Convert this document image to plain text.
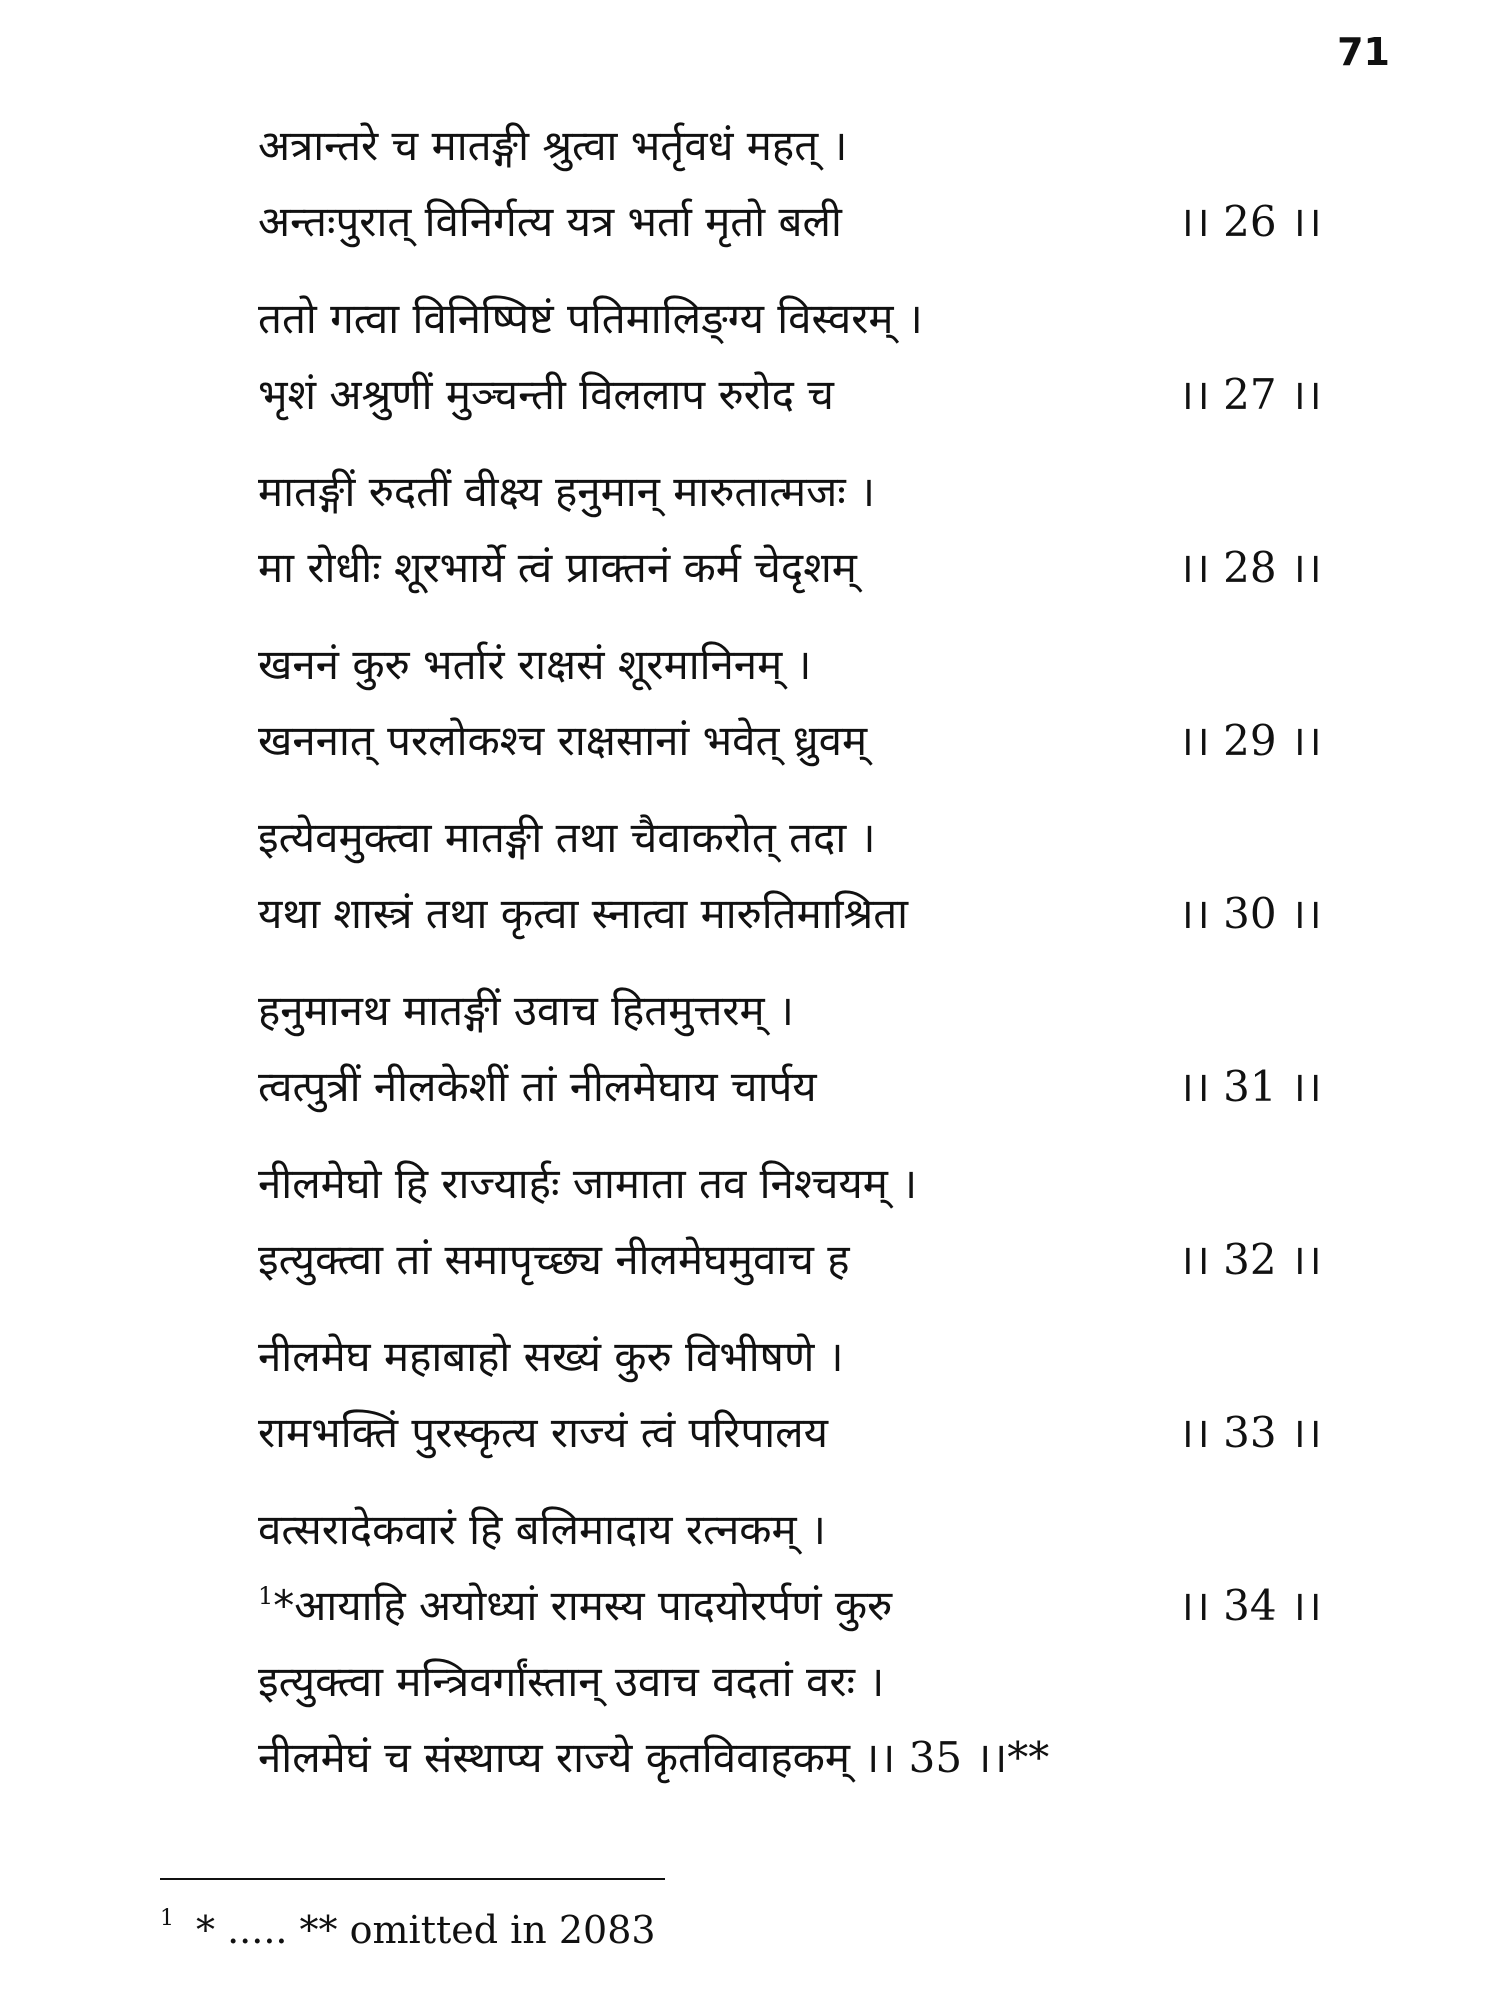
71
अत्रान्तरे च मातङ्गी श्रुत्वा भर्तृवधं महत् ।
अन्तःपुरात् विनिर्गत्य यत्र भर्ता मृतो बली	।। 26 ।।
ततो गत्वा विनिष्पिष्टं पतिमालिङ्ग्य विस्वरम् ।
भृशं अश्रुणीं मुञ्चन्ती विललाप रुरोद च	।। 27 ।।
मातङ्गीं रुदतीं वीक्ष्य हनुमान् मारुतात्मजः ।
मा रोधीः शूरभार्ये त्वं प्राक्तनं कर्म चेदृशम्	।। 28 ।।
खननं कुरु भर्तारं राक्षसं शूरमानिनम् ।
खननात् परलोकश्च राक्षसानां भवेत् ध्रुवम्	।। 29 ।।
इत्येवमुक्त्वा मातङ्गी तथा चैवाकरोत् तदा ।
यथा शास्त्रं तथा कृत्वा स्नात्वा मारुतिमाश्रिता	।। 30 ।।
हनुमानथ मातङ्गीं उवाच हितमुत्तरम् ।
त्वत्पुत्रीं नीलकेशीं तां नीलमेघाय चार्पय	।। 31 ।।
नीलमेघो हि राज्यार्हः जामाता तव निश्चयम् ।
इत्युक्त्वा तां समापृच्छ्य नीलमेघमुवाच ह	।। 32 ।।
नीलमेघ महाबाहो सख्यं कुरु विभीषणे ।
रामभक्तिं पुरस्कृत्य राज्यं त्वं परिपालय	।। 33 ।।
वत्सरादेकवारं हि बलिमादाय रत्नकम् ।
$^1$*आयाहि अयोध्यां रामस्य पादयोरर्पणं कुरु	।। 34 ।।
इत्युक्त्वा मन्त्रिवर्गांस्तान् उवाच वदतां वरः ।
नीलमेघं च संस्थाप्य राज्ये कृतविवाहकम् ।। 35 ।।**
$^1$ * ..... ** omitted in 2083
